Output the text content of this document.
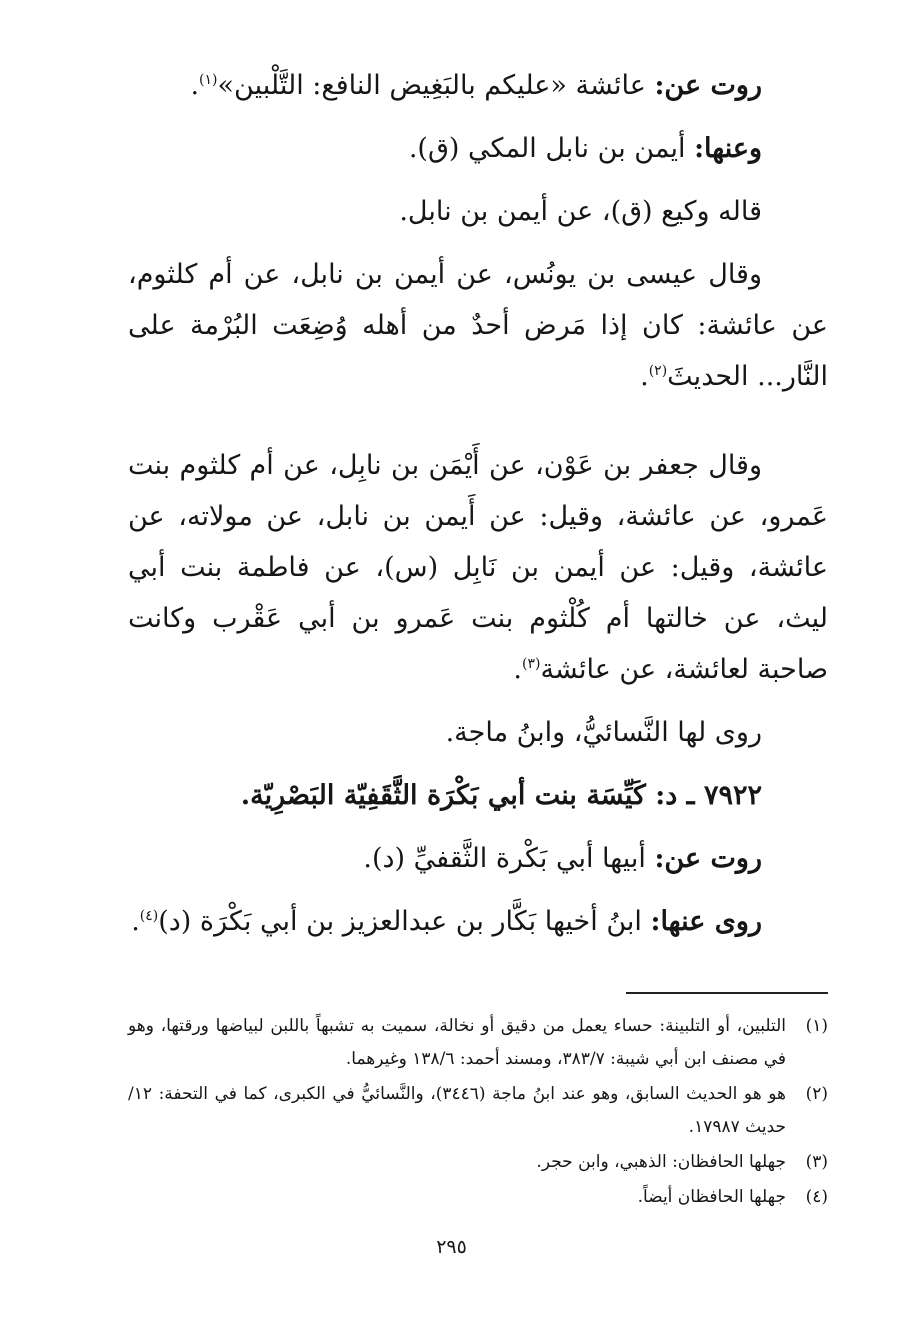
روت عن: عائشة «عليكم بالبَغِيض النافع: التَّلْبين»$^{(١)}$.

وعنها: أيمن بن نابل المكي (ق).

قاله وكيع (ق)، عن أيمن بن نابل.

وقال عيسى بن يونُس، عن أيمن بن نابل، عن أم كلثوم، عن عائشة: كان إذا مَرض أحدٌ من أهله وُضِعَت البُرْمة على النَّار... الحديثَ$^{(٢)}$.

وقال جعفر بن عَوْن، عن أَيْمَن بن نابِل، عن أم كلثوم بنت عَمرو، عن عائشة، وقيل: عن أَيمن بن نابل، عن مولاته، عن عائشة، وقيل: عن أيمن بن نَابِل (س)، عن فاطمة بنت أبي ليث، عن خالتها أم كُلْثوم بنت عَمرو بن أبي عَقْرب وكانت صاحبة لعائشة، عن عائشة$^{(٣)}$.

روى لها النَّسائيُّ، وابنُ ماجة.

٧٩٢٢ ـ د: كَيِّسَة بنت أبي بَكْرَة الثَّقَفِيّة البَصْرِيّة.

روت عن: أبيها أبي بَكْرة الثَّقفيِّ (د).

روى عنها: ابنُ أخيها بَكَّار بن عبدالعزيز بن أبي بَكْرَة (د)$^{(٤)}$.

(١)
التلبين، أو التلبينة: حساء يعمل من دقيق أو نخالة، سميت به تشبهاً باللبن لبياضها ورقتها، وهو في مصنف ابن أبي شيبة: ٣٨٣/٧، ومسند أحمد: ١٣٨/٦ وغيرهما.
(٢)
هو هو الحديث السابق، وهو عند ابنُ ماجة (٣٤٤٦)، والنَّسائيُّ في الكبرى، كما في التحفة: ١٢/حديث ١٧٩٨٧.
(٣)
جهلها الحافظان: الذهبي، وابن حجر.
(٤)
جهلها الحافظان أيضاً.
٢٩٥
